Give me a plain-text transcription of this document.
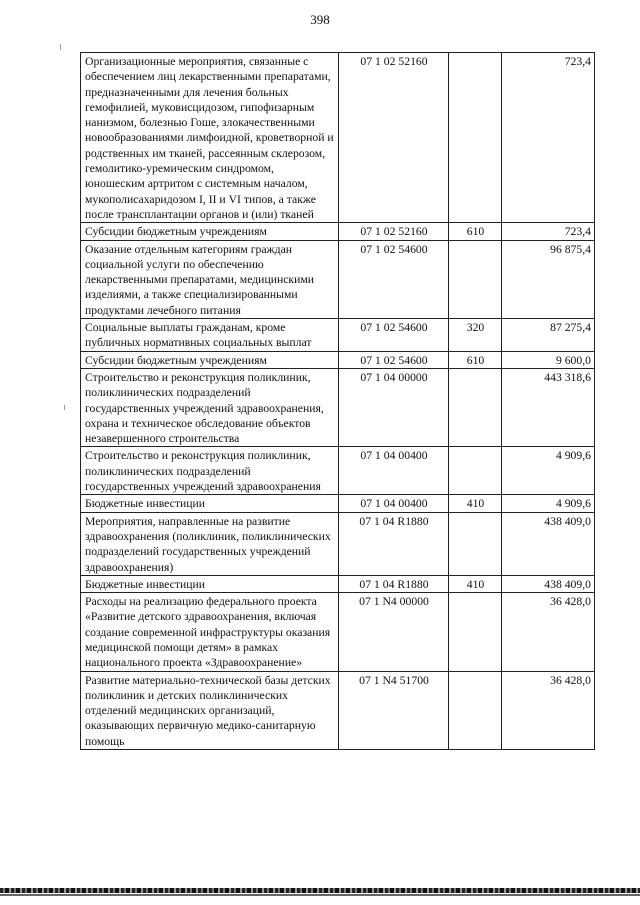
398
Организационные мероприятия, связанные с обеспечением лиц лекарственными препаратами, предназначенными для лечения больных гемофилией, муковисцидозом, гипофизарным нанизмом, болезнью Гоше, злокачественными новообразованиями лимфоидной, кроветворной и родственных им тканей, рассеянным склерозом, гемолитико-уремическим синдромом, юношеским артритом с системным началом, мукополисахаридозом I, II и VI типов, а также после трансплантации органов и (или) тканей	07 1 02 52160		723,4
Субсидии бюджетным учреждениям	07 1 02 52160	610	723,4
Оказание отдельным категориям граждан социальной услуги по обеспечению лекарственными препаратами, медицинскими изделиями, а также специализированными продуктами лечебного питания	07 1 02 54600		96 875,4
Социальные выплаты гражданам, кроме публичных нормативных социальных выплат	07 1 02 54600	320	87 275,4
Субсидии бюджетным учреждениям	07 1 02 54600	610	9 600,0
Строительство и реконструкция поликлиник, поликлинических подразделений государственных учреждений здравоохранения, охрана и техническое обследование объектов незавершенного строительства	07 1 04 00000		443 318,6
Строительство и реконструкция поликлиник, поликлинических подразделений государственных учреждений здравоохранения	07 1 04 00400		4 909,6
Бюджетные инвестиции	07 1 04 00400	410	4 909,6
Мероприятия, направленные на развитие здравоохранения (поликлиник, поликлинических подразделений государственных учреждений здравоохранения)	07 1 04 R1880		438 409,0
Бюджетные инвестиции	07 1 04 R1880	410	438 409,0
Расходы на реализацию федерального проекта «Развитие детского здравоохранения, включая создание современной инфраструктуры оказания медицинской помощи детям» в рамках национального проекта «Здравоохранение»	07 1 N4 00000		36 428,0
Развитие материально-технической базы детских поликлиник и детских поликлинических отделений медицинских организаций, оказывающих первичную медико-санитарную помощь	07 1 N4 51700		36 428,0
